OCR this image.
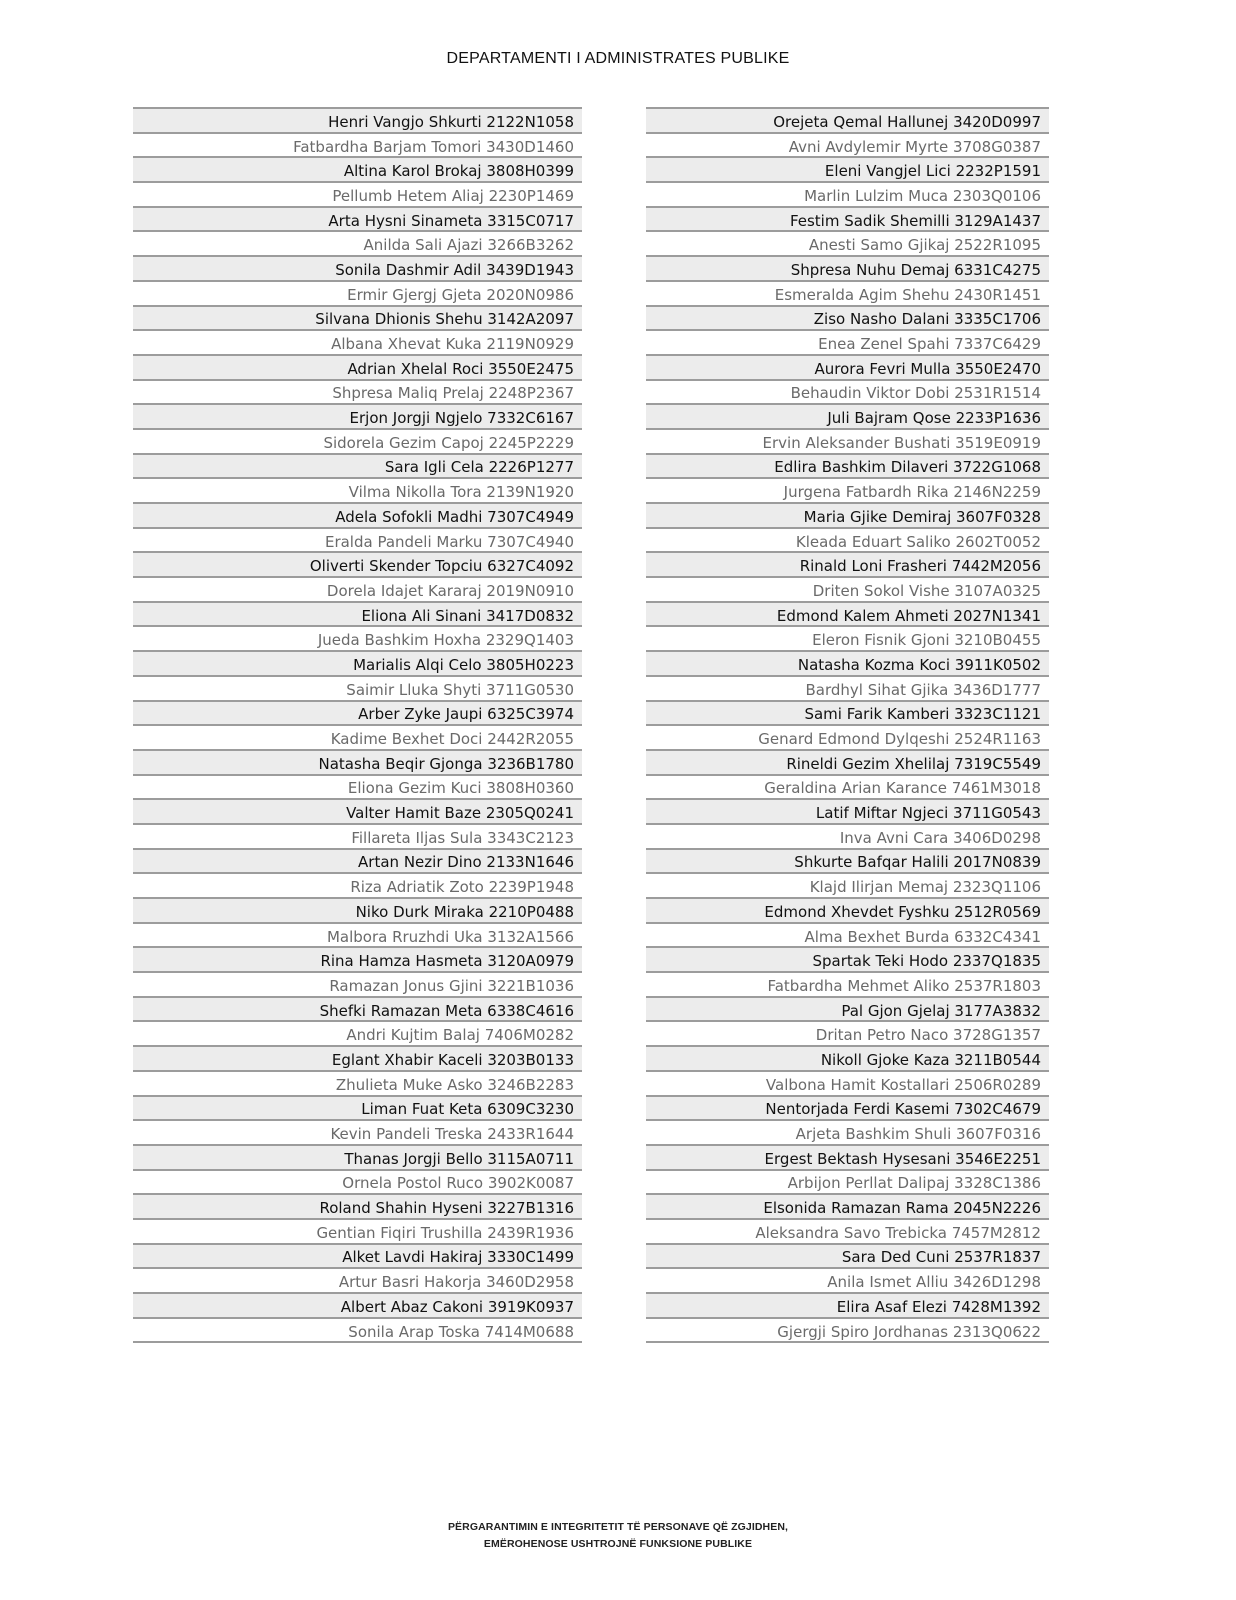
DEPARTAMENTI I ADMINISTRATES PUBLIKE
Henri Vangjo Shkurti 2122N1058
Fatbardha Barjam Tomori 3430D1460
Altina Karol Brokaj 3808H0399
Pellumb Hetem Aliaj 2230P1469
Arta Hysni Sinameta 3315C0717
Anilda Sali Ajazi 3266B3262
Sonila Dashmir Adil 3439D1943
Ermir Gjergj Gjeta 2020N0986
Silvana Dhionis Shehu 3142A2097
Albana Xhevat Kuka 2119N0929
Adrian Xhelal Roci 3550E2475
Shpresa Maliq Prelaj 2248P2367
Erjon Jorgji Ngjelo 7332C6167
Sidorela Gezim Capoj 2245P2229
Sara Igli Cela 2226P1277
Vilma Nikolla Tora 2139N1920
Adela Sofokli Madhi 7307C4949
Eralda Pandeli Marku 7307C4940
Oliverti Skender Topciu 6327C4092
Dorela Idajet Kararaj 2019N0910
Eliona Ali Sinani 3417D0832
Jueda Bashkim Hoxha 2329Q1403
Marialis Alqi Celo 3805H0223
Saimir Lluka Shyti 3711G0530
Arber Zyke Jaupi 6325C3974
Kadime Bexhet Doci 2442R2055
Natasha Beqir Gjonga 3236B1780
Eliona Gezim Kuci 3808H0360
Valter Hamit Baze 2305Q0241
Fillareta Iljas Sula 3343C2123
Artan Nezir Dino 2133N1646
Riza Adriatik Zoto 2239P1948
Niko Durk Miraka 2210P0488
Malbora Rruzhdi Uka 3132A1566
Rina Hamza Hasmeta 3120A0979
Ramazan Jonus Gjini 3221B1036
Shefki Ramazan Meta 6338C4616
Andri Kujtim Balaj 7406M0282
Eglant Xhabir Kaceli 3203B0133
Zhulieta Muke Asko 3246B2283
Liman Fuat Keta 6309C3230
Kevin Pandeli Treska 2433R1644
Thanas Jorgji Bello 3115A0711
Ornela Postol Ruco 3902K0087
Roland Shahin Hyseni 3227B1316
Gentian Fiqiri Trushilla 2439R1936
Alket Lavdi Hakiraj 3330C1499
Artur Basri Hakorja 3460D2958
Albert Abaz Cakoni 3919K0937
Sonila Arap Toska 7414M0688
Orejeta Qemal Hallunej 3420D0997
Avni Avdylemir Myrte 3708G0387
Eleni Vangjel Lici 2232P1591
Marlin Lulzim Muca 2303Q0106
Festim Sadik Shemilli 3129A1437
Anesti Samo Gjikaj 2522R1095
Shpresa Nuhu Demaj 6331C4275
Esmeralda Agim Shehu 2430R1451
Ziso Nasho Dalani 3335C1706
Enea Zenel Spahi 7337C6429
Aurora Fevri Mulla 3550E2470
Behaudin Viktor Dobi 2531R1514
Juli Bajram Qose 2233P1636
Ervin Aleksander Bushati 3519E0919
Edlira Bashkim Dilaveri 3722G1068
Jurgena Fatbardh Rika 2146N2259
Maria Gjike Demiraj 3607F0328
Kleada Eduart Saliko 2602T0052
Rinald Loni Frasheri 7442M2056
Driten Sokol Vishe 3107A0325
Edmond Kalem Ahmeti 2027N1341
Eleron Fisnik Gjoni 3210B0455
Natasha Kozma Koci 3911K0502
Bardhyl Sihat Gjika 3436D1777
Sami Farik Kamberi 3323C1121
Genard Edmond Dylqeshi 2524R1163
Rineldi Gezim Xhelilaj 7319C5549
Geraldina Arian Karance 7461M3018
Latif Miftar Ngjeci 3711G0543
Inva Avni Cara 3406D0298
Shkurte Bafqar Halili 2017N0839
Klajd Ilirjan Memaj 2323Q1106
Edmond Xhevdet Fyshku 2512R0569
Alma Bexhet Burda 6332C4341
Spartak Teki Hodo 2337Q1835
Fatbardha Mehmet Aliko 2537R1803
Pal Gjon Gjelaj 3177A3832
Dritan Petro Naco 3728G1357
Nikoll Gjoke Kaza 3211B0544
Valbona Hamit Kostallari 2506R0289
Nentorjada Ferdi Kasemi 7302C4679
Arjeta Bashkim Shuli 3607F0316
Ergest Bektash Hysesani 3546E2251
Arbijon Perllat Dalipaj 3328C1386
Elsonida Ramazan Rama 2045N2226
Aleksandra Savo Trebicka 7457M2812
Sara Ded Cuni 2537R1837
Anila Ismet Alliu 3426D1298
Elira Asaf Elezi 7428M1392
Gjergji Spiro Jordhanas 2313Q0622
PËRGARANTIMIN E INTEGRITETIT TË PERSONAVE QË ZGJIDHEN,
EMËROHENOSE USHTROJNË FUNKSIONE PUBLIKE
